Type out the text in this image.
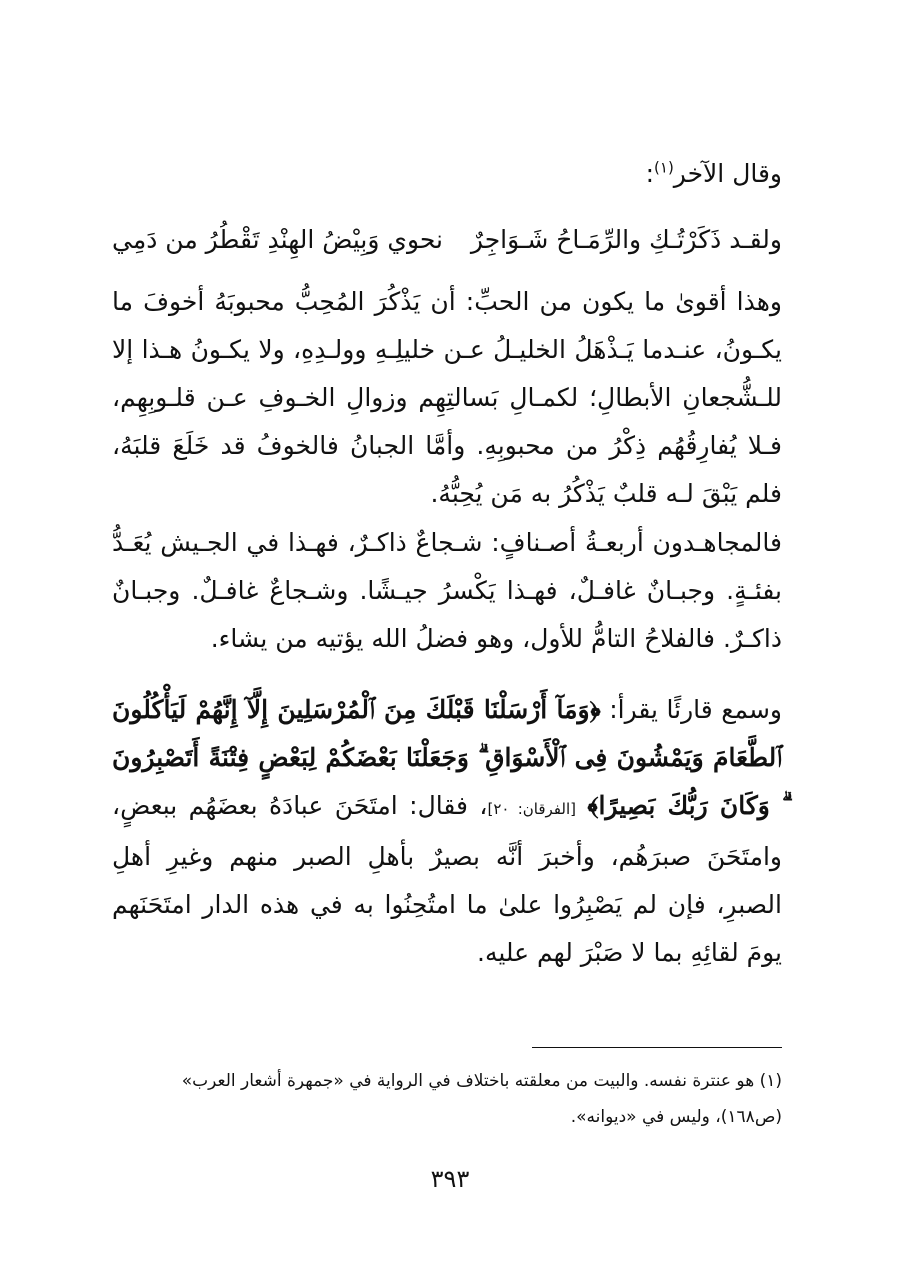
وقال الآخر$^{(١)}$:
ولقـد ذَكَرْتُـكِ والرِّمَـاحُ شَـوَاجِرٌ
نحوي وَبِيْضُ الهِنْدِ تَقْطُرُ من دَمِي
وهذا أقوىٰ ما يكون من الحبِّ: أن يَذْكُرَ المُحِبُّ محبوبَهُ أخوفَ ما يكـونُ، عنـدما يَـذْهَلُ الخليـلُ عـن خليلِـهِ وولـدِهِ، ولا يكـونُ هـذا إلا للـشُّجعانِ الأبطالِ؛ لكمـالِ بَسالتِهِم وزوالِ الخـوفِ عـن قلـوبِهِم، فـلا يُفارِقُهُم ذِكْرُ من محبوبِهِ. وأمَّا الجبانُ فالخوفُ قد خَلَعَ قلبَهُ، فلم يَبْقَ لـه قلبٌ يَذْكُرُ به مَن يُحِبُّهُ.
فالمجاهـدون أربعـةُ أصـنافٍ: شـجاعٌ ذاكـرٌ، فهـذا في الجـيش يُعَـدُّ بفئـةٍ. وجبـانٌ غافـلٌ، فهـذا يَكْسرُ جيـشًا. وشـجاعٌ غافـلٌ. وجبـانٌ ذاكـرٌ. فالفلاحُ التامُّ للأول، وهو فضلُ الله يؤتيه من يشاء.
وسمع قارئًا يقرأ: ﴿وَمَآ أَرْسَلْنَا قَبْلَكَ مِنَ ٱلْمُرْسَلِينَ إِلَّآ إِنَّهُمْ لَيَأْكُلُونَ ٱلطَّعَامَ وَيَمْشُونَ فِى ٱلْأَسْوَاقِ ۗ وَجَعَلْنَا بَعْضَكُمْ لِبَعْضٍ فِتْنَةً أَتَصْبِرُونَ ۗ وَكَانَ رَبُّكَ بَصِيرًا﴾ [الفرقان: ٢٠]، فقال: امتَحَنَ عبادَهُ بعضَهُم ببعضٍ، وامتَحَنَ صبرَهُم، وأخبرَ أنَّه بصيرٌ بأهلِ الصبر منهم وغيرِ أهلِ الصبرِ، فإن لم يَصْبِرُوا علىٰ ما امتُحِنُوا به في هذه الدار امتَحَنَهم يومَ لقائِهِ بما لا صَبْرَ لهم عليه.
(١) هو عنترة نفسه. والبيت من معلقته باختلاف في الرواية في «جمهرة أشعار العرب» (ص١٦٨)، وليس في «ديوانه».
٣٩٣
